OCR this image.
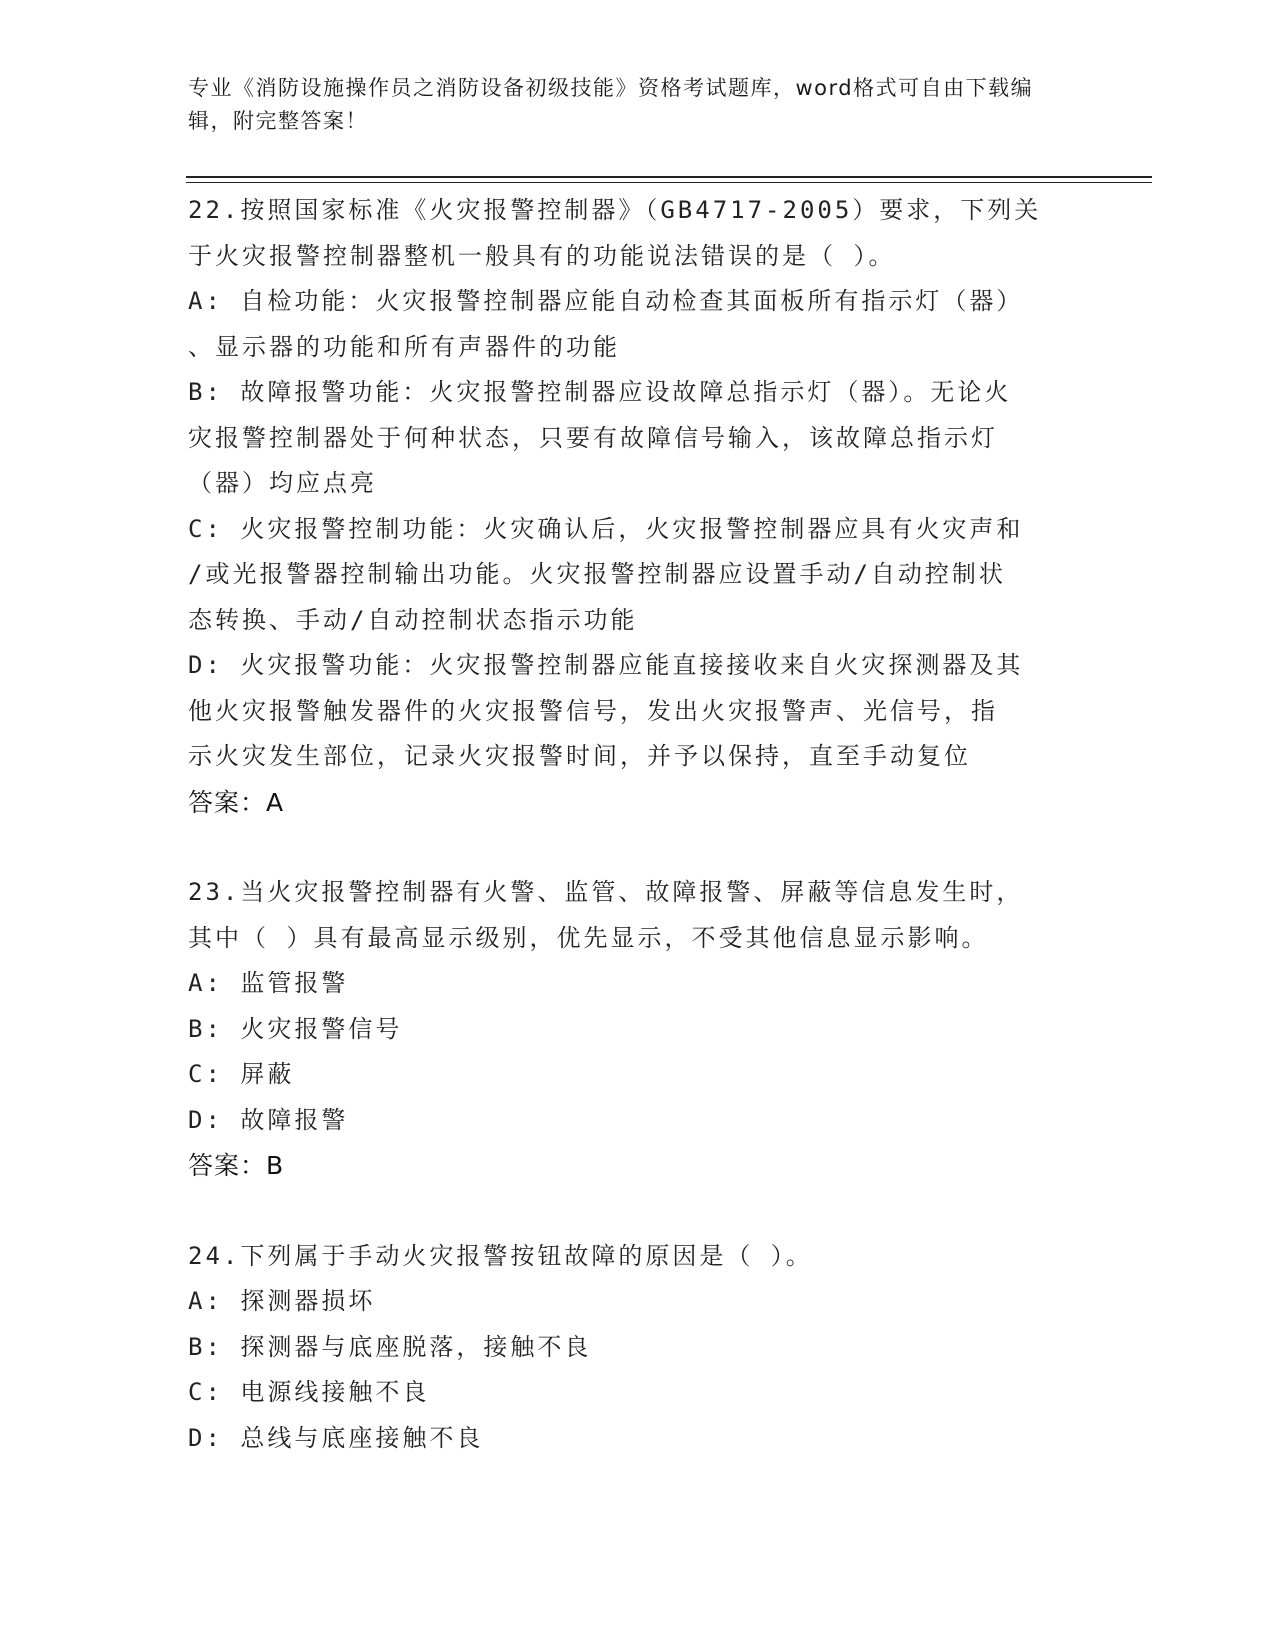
专业《消防设施操作员之消防设备初级技能》资格考试题库，word格式可自由下载编辑，附完整答案！
22.按照国家标准《火灾报警控制器》（GB4717-2005）要求，下列关
于火灾报警控制器整机一般具有的功能说法错误的是（ ）。
A: 自检功能：火灾报警控制器应能自动检查其面板所有指示灯（器）
、显示器的功能和所有声器件的功能
B: 故障报警功能：火灾报警控制器应设故障总指示灯（器）。无论火
灾报警控制器处于何种状态，只要有故障信号输入，该故障总指示灯
（器）均应点亮
C: 火灾报警控制功能：火灾确认后，火灾报警控制器应具有火灾声和
/或光报警器控制输出功能。火灾报警控制器应设置手动/自动控制状
态转换、手动/自动控制状态指示功能
D: 火灾报警功能：火灾报警控制器应能直接接收来自火灾探测器及其
他火灾报警触发器件的火灾报警信号，发出火灾报警声、光信号，指
示火灾发生部位，记录火灾报警时间，并予以保持，直至手动复位
答案：A
23.当火灾报警控制器有火警、监管、故障报警、屏蔽等信息发生时，
其中（ ）具有最高显示级别，优先显示，不受其他信息显示影响。
A: 监管报警
B: 火灾报警信号
C: 屏蔽
D: 故障报警
答案：B
24.下列属于手动火灾报警按钮故障的原因是（ ）。
A: 探测器损坏
B: 探测器与底座脱落，接触不良
C: 电源线接触不良
D: 总线与底座接触不良
